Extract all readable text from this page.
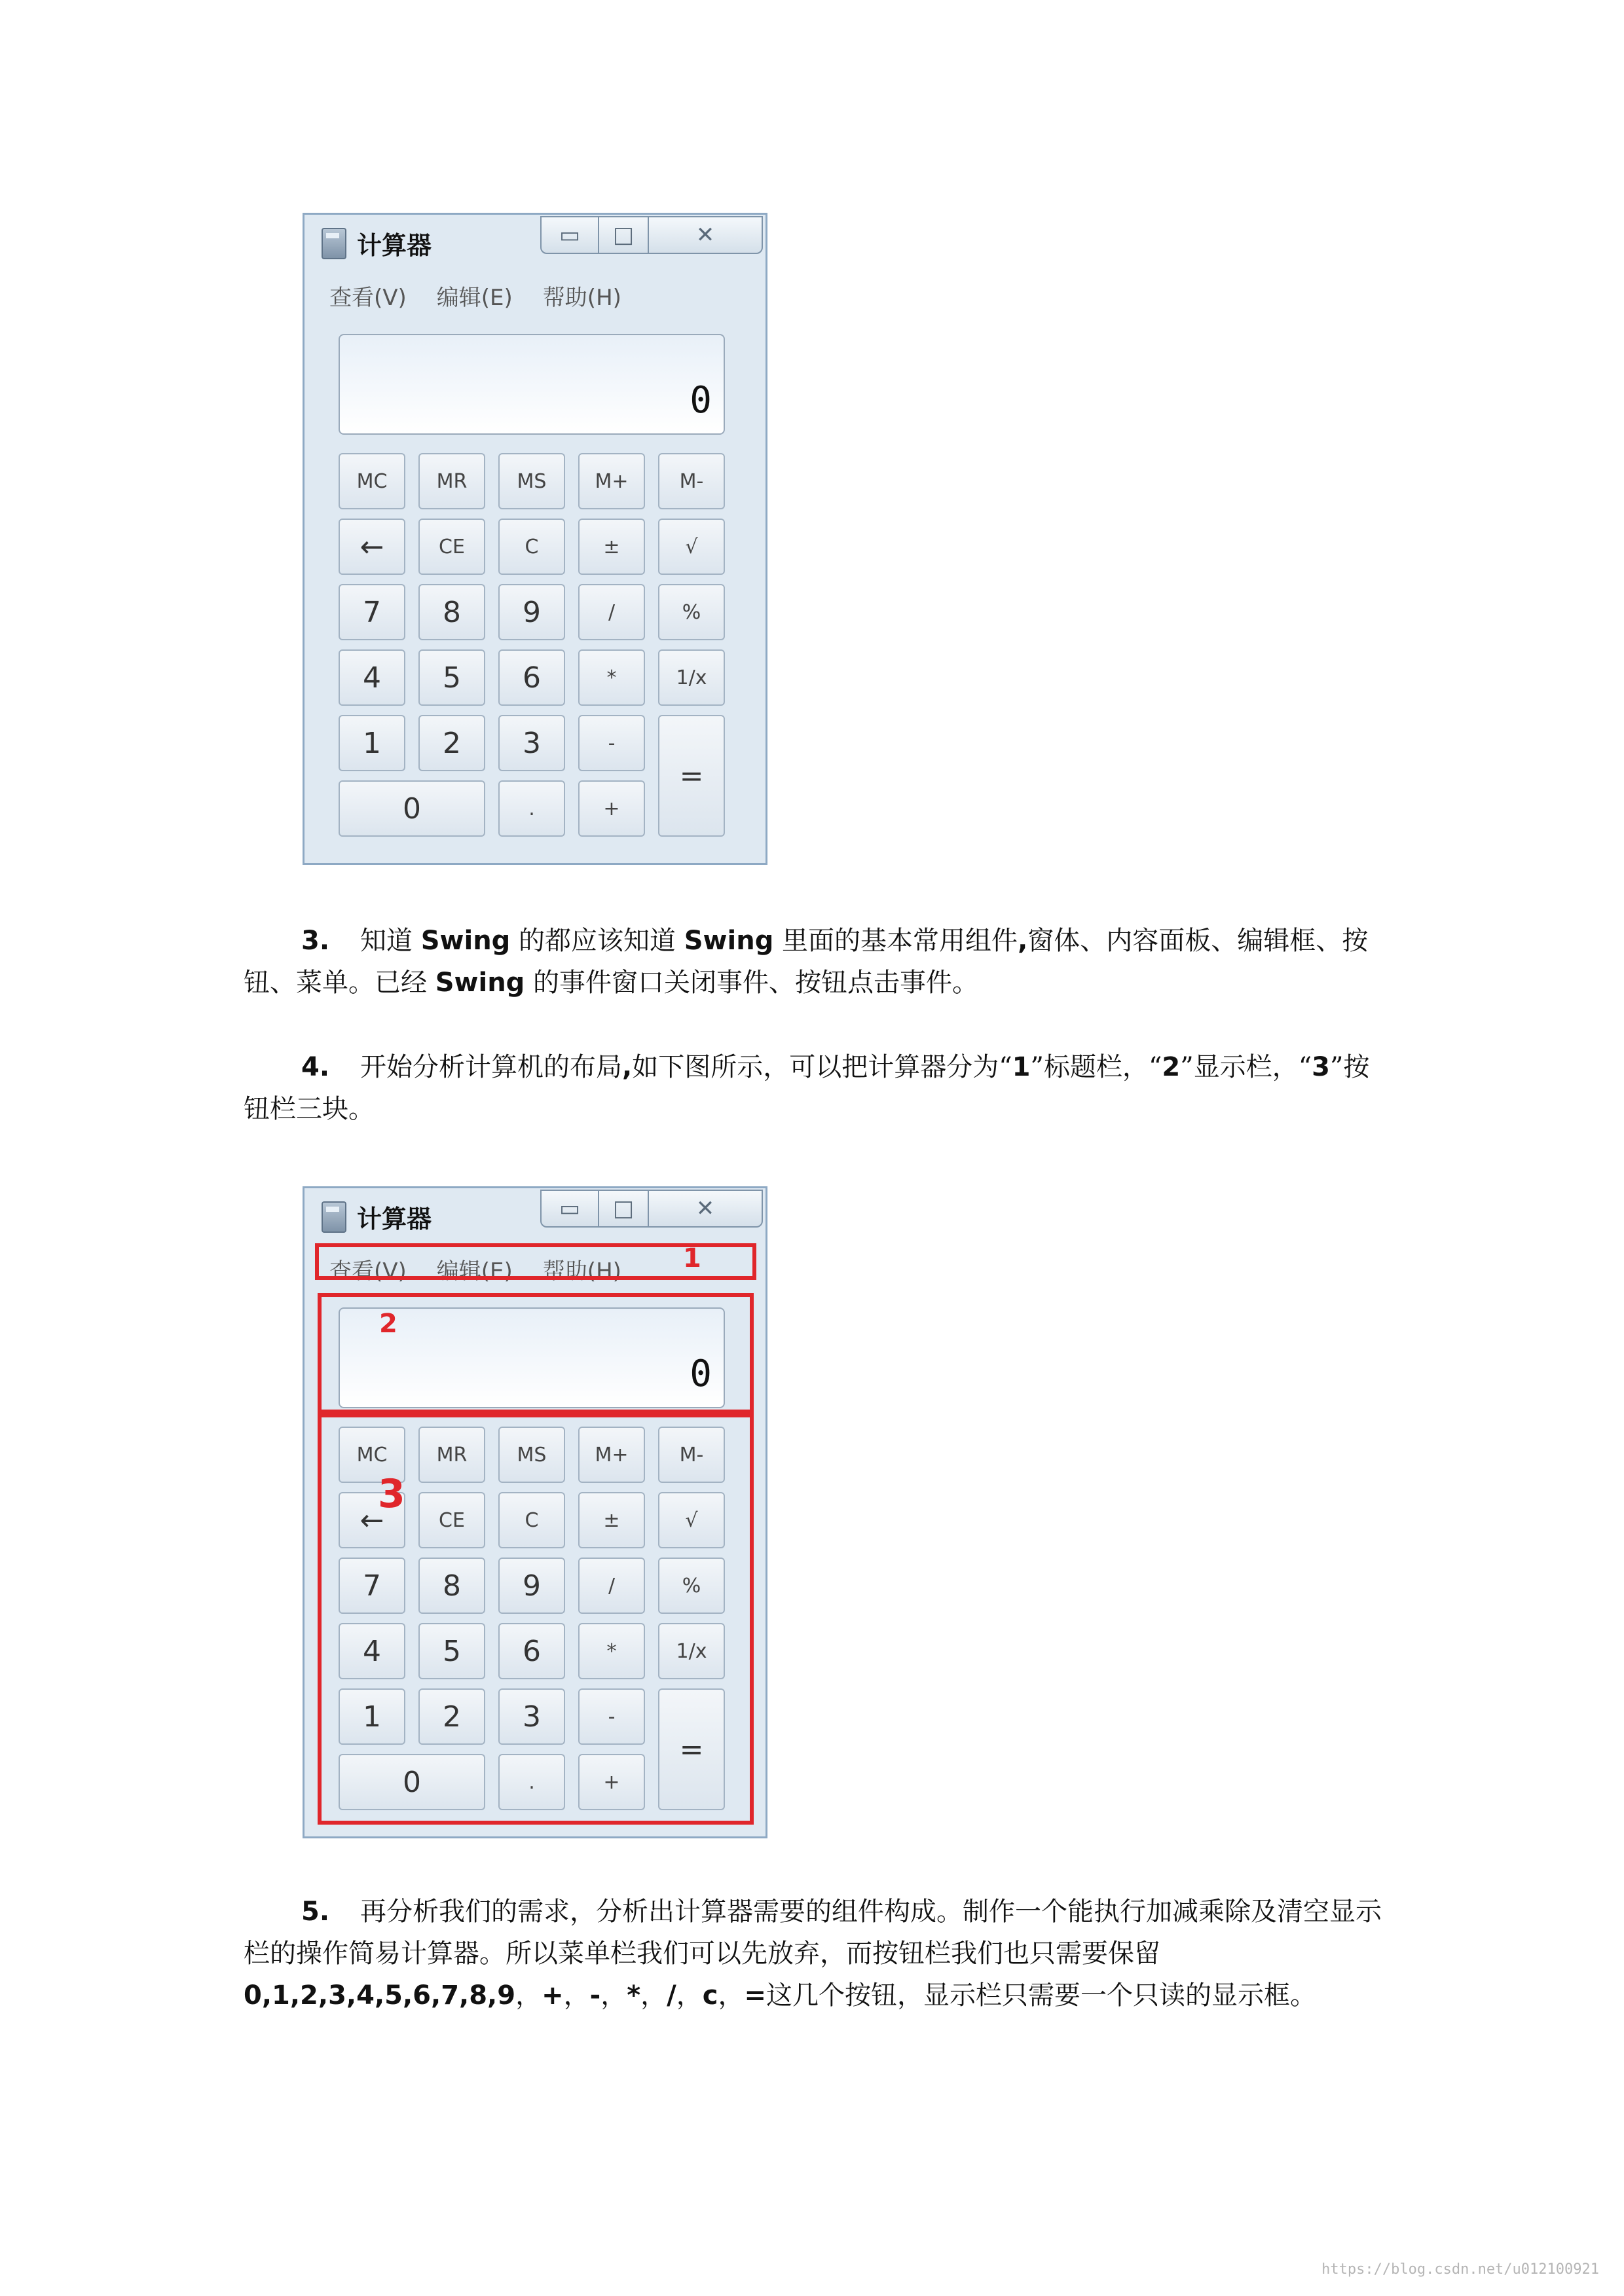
计算器	▭ □	✕
查看(V) 编辑(E) 帮助(H)
0
MC	MR	MS	M+	M-
←	CE	C	±	√
7	8	9	/	%
4	5	6	*	1/x
1	2	3	-
=
0	.	+

3. 知道 Swing 的都应该知道 Swing 里面的基本常用组件,窗体、内容面板、编辑框、按钮、菜单。已经 Swing 的事件窗口关闭事件、按钮点击事件。

4. 开始分析计算机的布局,如下图所示，可以把计算器分为“1”标题栏，“2”显示栏，“3”按钮栏三块。

计算器	▭ □	✕
查看(V) 编辑(E) 帮助(H)
0
MC	MR	MS	M+	M-
←	CE	C	±	√
7	8	9	/	%
4	5	6	*	1/x
1	2	3	-
=
0	.	+
1
2
3

5. 再分析我们的需求，分析出计算器需要的组件构成。制作一个能执行加减乘除及清空显示栏的操作简易计算器。所以菜单栏我们可以先放弃，而按钮栏我们也只需要保留 0,1,2,3,4,5,6,7,8,9，+，-，*，/，c，=这几个按钮，显示栏只需要一个只读的显示框。

https://blog.csdn.net/u012100921
